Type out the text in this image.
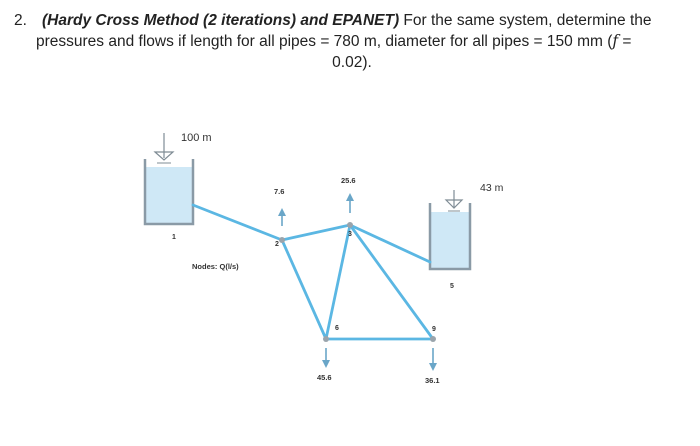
2. (Hardy Cross Method (2 iterations) and EPANET) For the same system, determine the
pressures and flows if length for all pipes = 780 m, diameter for all pipes = 150 mm (f =
0.02).
100 m
43 m
1
2
3
5
6	9
7.6
25.6
45.6	36.1
Nodes: Q(l/s)
